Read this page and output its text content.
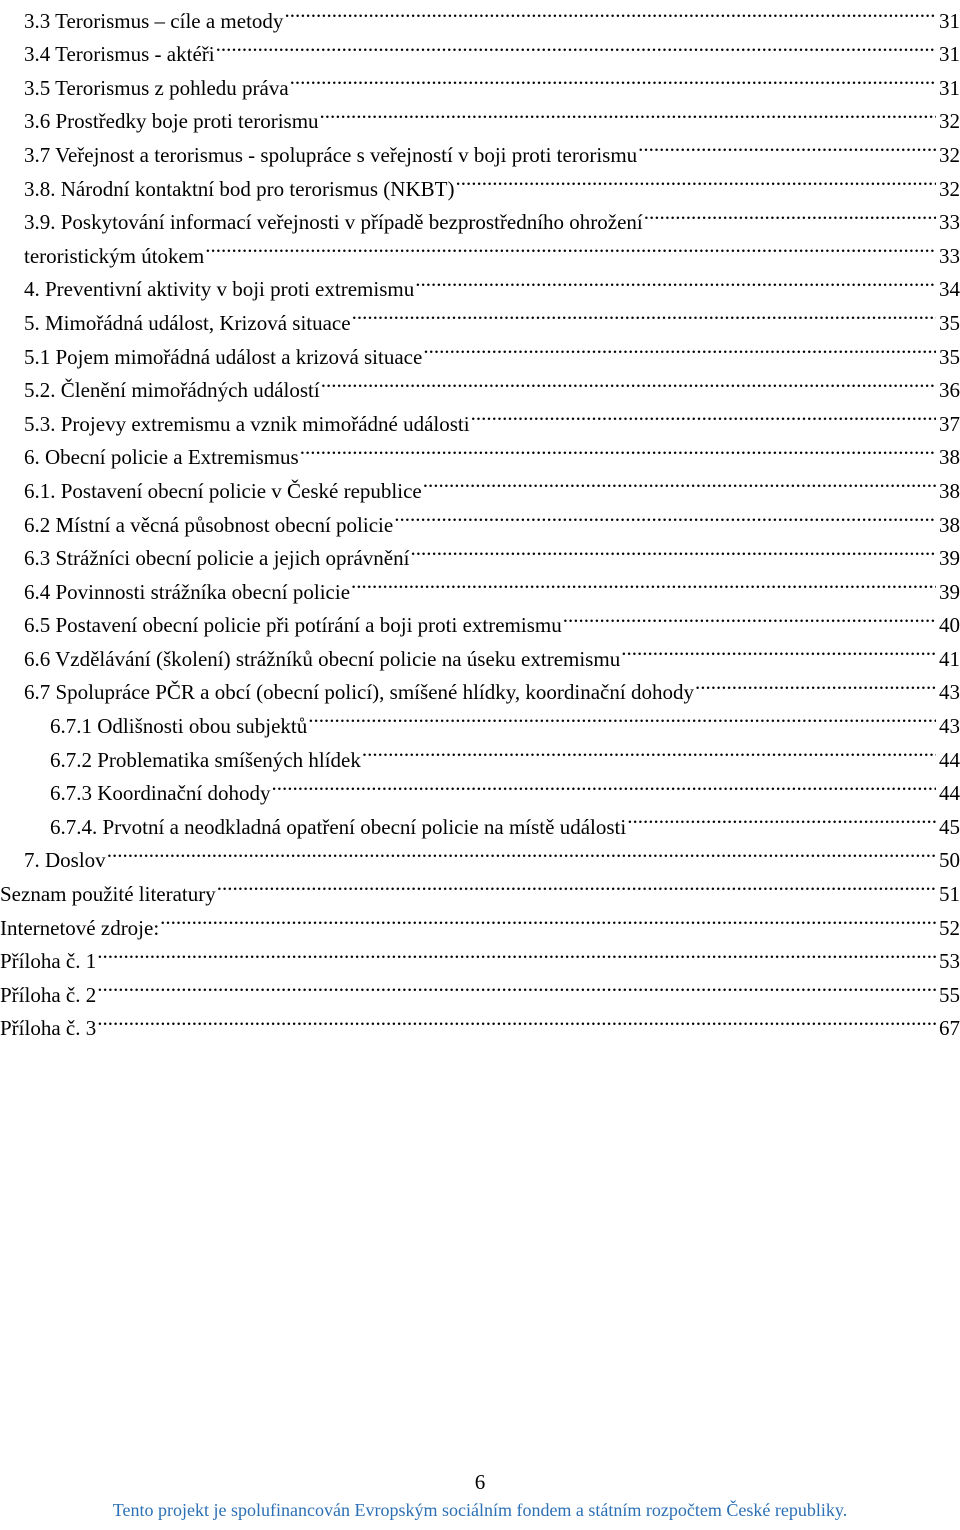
3.3 Terorismus – cíle a metody .....	31
3.4 Terorismus - aktéři .....	31
3.5 Terorismus z pohledu práva .....	31
3.6 Prostředky boje proti terorismu .....	32
3.7 Veřejnost a terorismus - spolupráce s veřejností v boji proti terorismu .....	32
3.8. Národní kontaktní bod pro terorismus (NKBT) .....	32
3.9. Poskytování informací veřejnosti v případě bezprostředního ohrožení .....	33
teroristickým útokem .....	33
4. Preventivní aktivity v boji proti extremismu .....	34
5. Mimořádná událost, Krizová situace .....	35
5.1 Pojem mimořádná událost a krizová situace .....	35
5.2. Členění mimořádných událostí .....	36
5.3. Projevy extremismu a vznik mimořádné události .....	37
6. Obecní policie a Extremismus .....	38
6.1. Postavení obecní policie v České republice .....	38
6.2 Místní a věcná působnost obecní policie .....	38
6.3 Strážníci obecní policie a jejich oprávnění .....	39
6.4 Povinnosti strážníka obecní policie .....	39
6.5 Postavení obecní policie při potírání a boji proti extremismu .....	40
6.6 Vzdělávání (školení) strážníků obecní policie na úseku extremismu .....	41
6.7 Spolupráce PČR a obcí (obecní policí), smíšené hlídky, koordinační dohody .....	43
6.7.1 Odlišnosti obou subjektů .....	43
6.7.2 Problematika smíšených hlídek .....	44
6.7.3 Koordinační dohody .....	44
6.7.4. Prvotní a neodkladná opatření obecní policie na místě události .....	45
7. Doslov .....	50
Seznam použité literatury .....	51
Internetové zdroje: .....	52
Příloha č. 1 .....	53
Příloha č. 2 .....	55
Příloha č. 3 .....	67
6
Tento projekt je spolufinancován Evropským sociálním fondem a státním rozpočtem České republiky.
